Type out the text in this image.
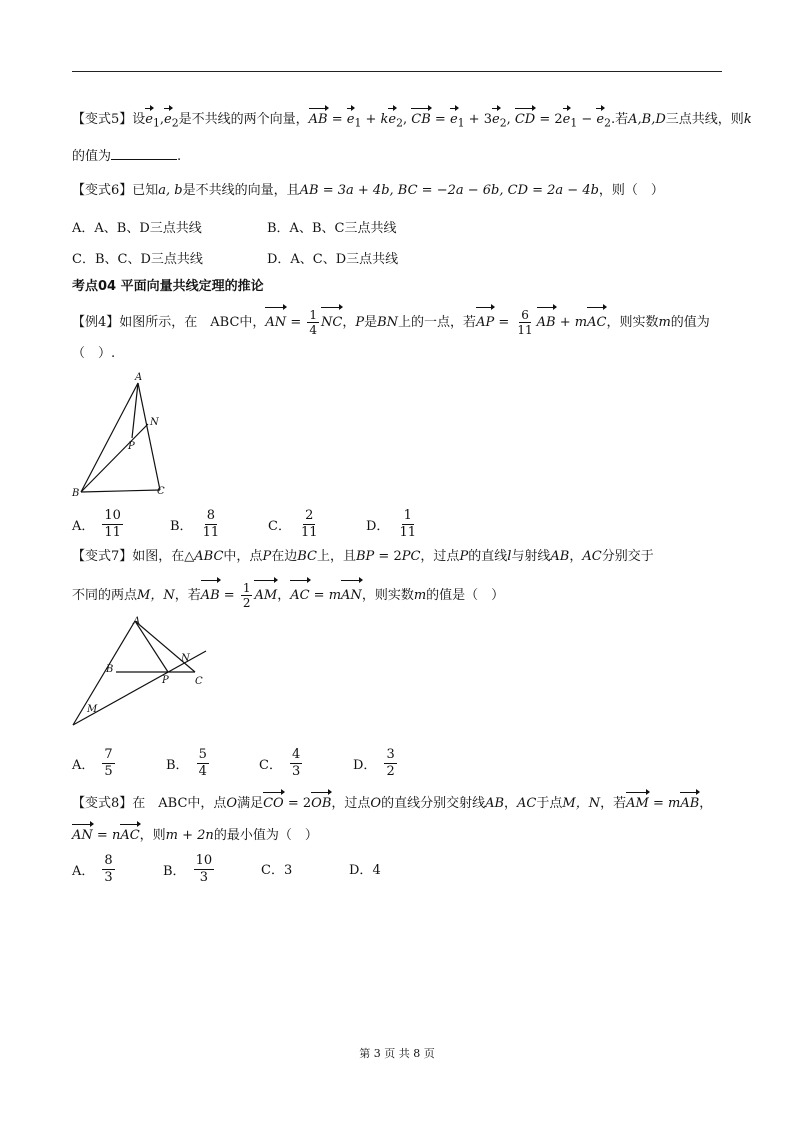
【变式5】设$e_1,e_2$是不共线的两个向量，AB = $e_1 + ke_2$, CB = $e_1 + 3e_2$, CD = $2e_1 - e_2$.若A,B,D三点共线，则k
的值为	.
【变式6】已知a, b是不共线的向量，且AB = 3a + 4b, BC = −2a − 6b, CD = 2a − 4b，则（　）
A．A、B、D三点共线	B．A、B、C三点共线
C．B、C、D三点共线	D．A、C、D三点共线
考点04 平面向量共线定理的推论
【例4】如图所示，在　ABC中，AN = $\frac{1}{4}$ NC，P是BN上的一点，若AP = $\frac{6}{11}$ AB + mAC，则实数m的值为
（　）.
A
N
P
B	C
A． $\frac{10}{11}$	B． $\frac{8}{11}$	C． $\frac{2}{11}$	D． $\frac{1}{11}$
【变式7】如图，在△ABC中，点P在边BC上，且BP = 2PC，过点P的直线l与射线AB，AC分别交于
不同的两点M，N，若AB = $\frac{1}{2}$ AM，AC = mAN，则实数m的值是（　）
A
B
N
P	C
M
A． $\frac{7}{5}$	B． $\frac{5}{4}$	C． $\frac{4}{3}$	D． $\frac{3}{2}$
【变式8】在　ABC中，点O满足CO = 2OB，过点O的直线分别交射线AB，AC于点M，N，若AM = mAB，
AN = nAC，则m + 2n的最小值为（　）
A． $\frac{8}{3}$	B． $\frac{10}{3}$	C．3	D．4
第 3 页 共 8 页
